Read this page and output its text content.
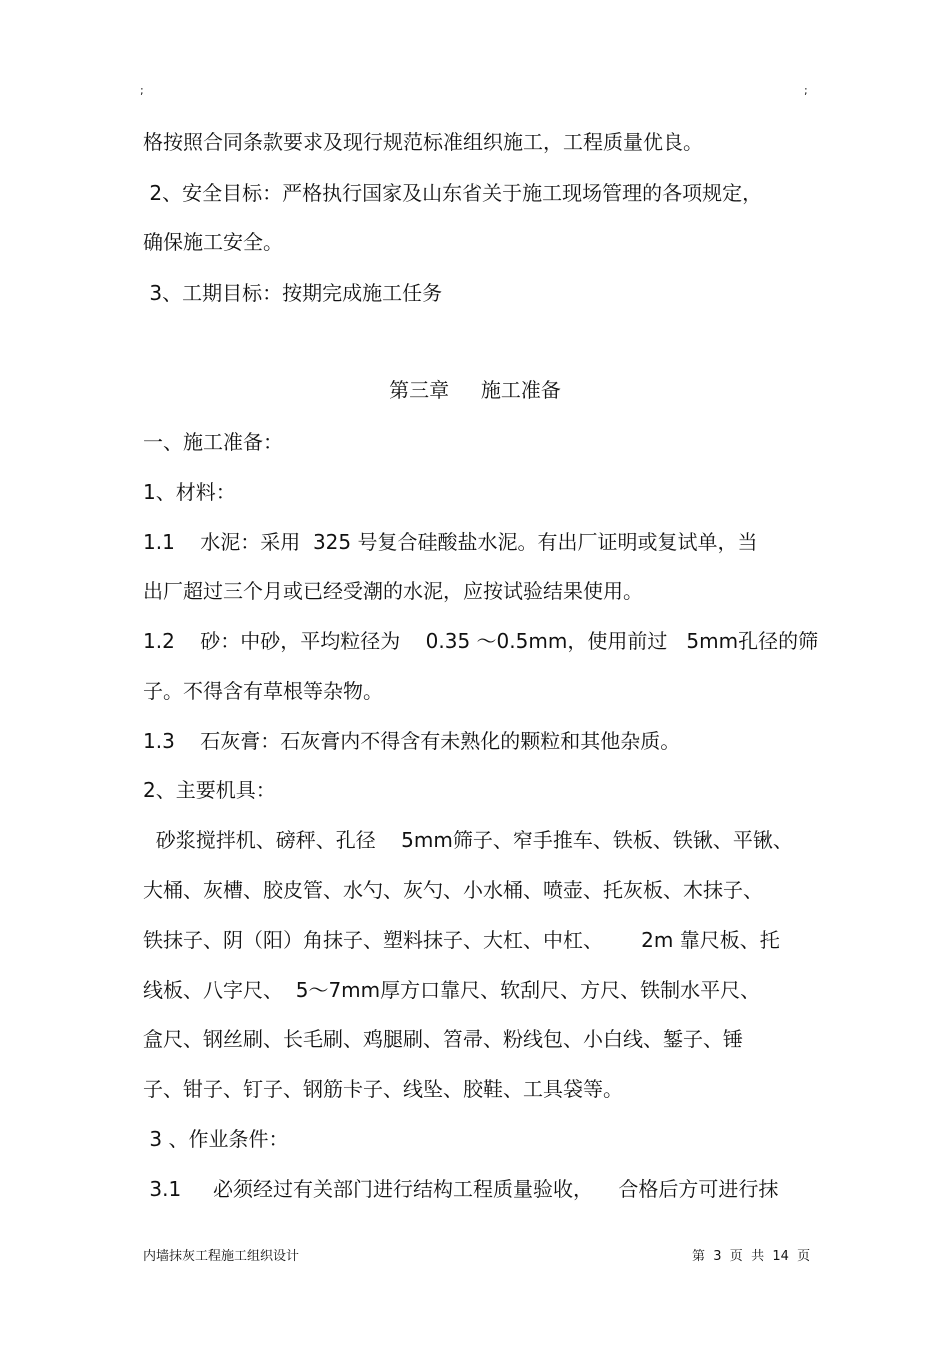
;	;
格按照合同条款要求及现行规范标准组织施工，工程质量优良。
2、安全目标：严格执行国家及山东省关于施工现场管理的各项规定，
确保施工安全。
3、工期目标：按期完成施工任务
第三章     施工准备
一、施工准备：
1、材料：
1.1    水泥：采用  325 号复合硅酸盐水泥。有出厂证明或复试单，当
出厂超过三个月或已经受潮的水泥，应按试验结果使用。
1.2    砂：中砂，平均粒径为    0.35 ～0.5mm，使用前过   5mm孔径的筛
子。不得含有草根等杂物。
1.3    石灰膏：石灰膏内不得含有未熟化的颗粒和其他杂质。
2、主要机具：
砂浆搅拌机、磅秤、孔径    5mm筛子、窄手推车、铁板、铁锹、平锹、
大桶、灰槽、胶皮管、水勺、灰勺、小水桶、喷壶、托灰板、木抹子、
铁抹子、阴（阳）角抹子、塑料抹子、大杠、中杠、      2m 靠尺板、托
线板、八字尺、  5～7mm厚方口靠尺、软刮尺、方尺、铁制水平尺、
盒尺、钢丝刷、长毛刷、鸡腿刷、笤帚、粉线包、小白线、錾子、锤
子、钳子、钉子、钢筋卡子、线坠、胶鞋、工具袋等。
3 、作业条件：
3.1     必须经过有关部门进行结构工程质量验收，    合格后方可进行抹
内墙抹灰工程施工组织设计	第  3  页  共  14  页
